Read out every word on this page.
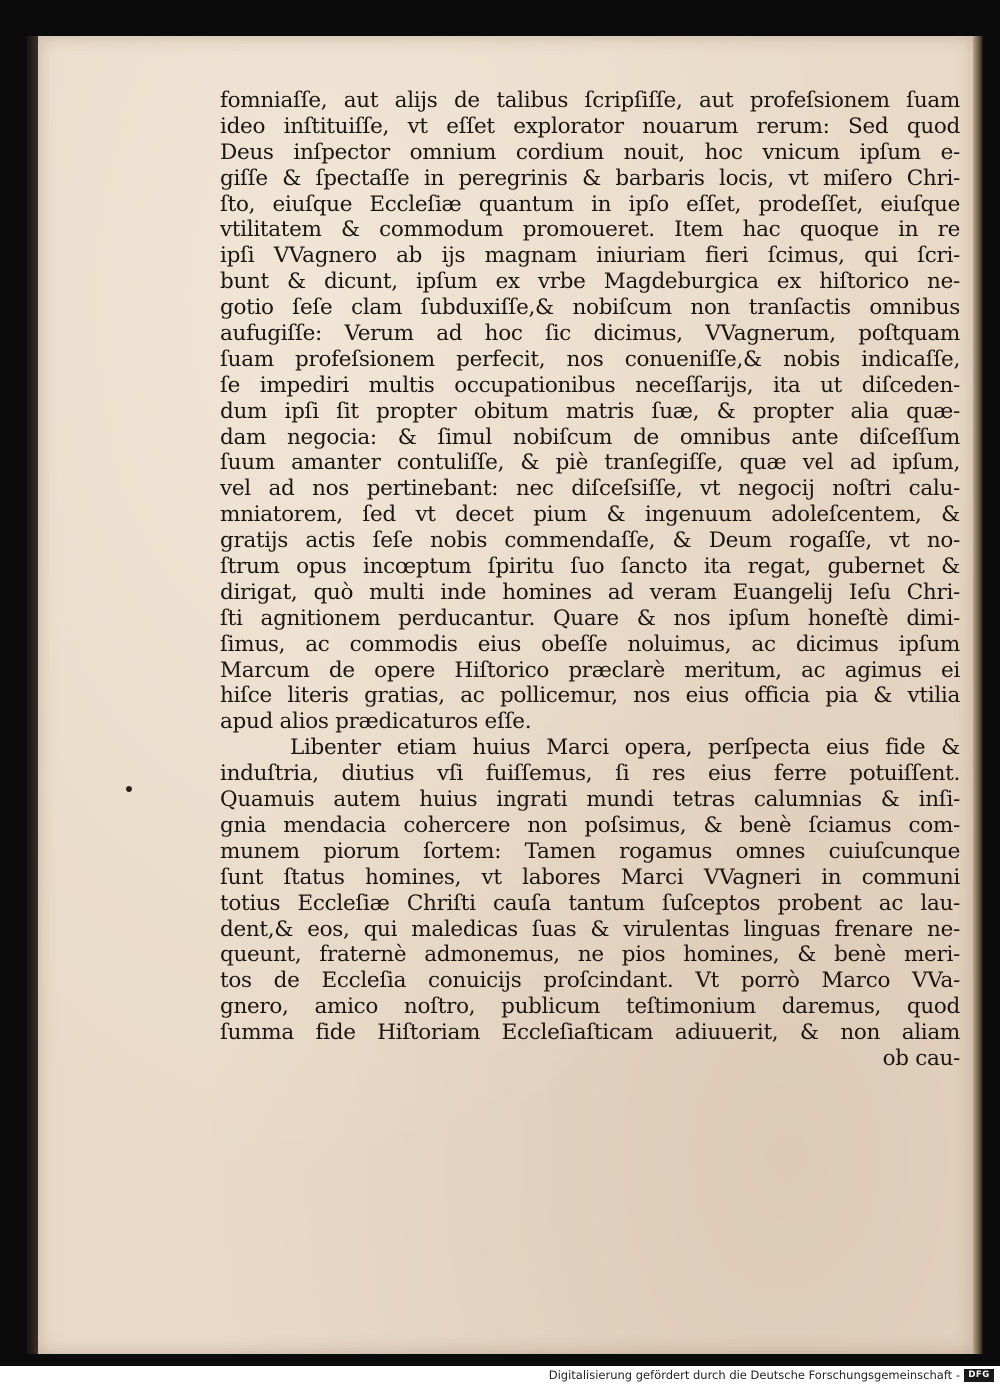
fomniaſſe, aut alijs de talibus ſcripſiſſe, aut profeſsionem ſuam
ideo inſtituiſſe, vt eſſet explorator nouarum rerum: Sed quod
Deus inſpector omnium cordium nouit, hoc vnicum ipſum e-
giſſe & ſpectaſſe in peregrinis & barbaris locis, vt miſero Chri-
ſto, eiuſque Eccleſiæ quantum in ipſo eſſet, prodeſſet, eiuſque
vtilitatem & commodum promoueret. Item hac quoque in re
ipſi VVagnero ab ijs magnam iniuriam fieri ſcimus, qui ſcri-
bunt & dicunt, ipſum ex vrbe Magdeburgica ex hiſtorico ne-
gotio ſeſe clam ſubduxiſſe,& nobiſcum non tranſactis omnibus
aufugiſſe: Verum ad hoc ſic dicimus, VVagnerum, poſtquam
ſuam profeſsionem perfecit, nos conueniſſe,& nobis indicaſſe,
ſe impediri multis occupationibus neceſſarijs, ita ut diſceden-
dum ipſi ſit propter obitum matris ſuæ, & propter alia quæ-
dam negocia: & ſimul nobiſcum de omnibus ante diſceſſum
ſuum amanter contuliſſe, & piè tranſegiſſe, quæ vel ad ipſum,
vel ad nos pertinebant: nec diſceſsiſſe, vt negocij noſtri calu-
mniatorem, ſed vt decet pium & ingenuum adoleſcentem, &
gratijs actis ſeſe nobis commendaſſe, & Deum rogaſſe, vt no-
ſtrum opus incœptum ſpiritu ſuo ſancto ita regat, gubernet &
dirigat, quò multi inde homines ad veram Euangelij Ieſu Chri-
ſti agnitionem perducantur. Quare & nos ipſum honeſtè dimi-
ſimus, ac commodis eius obeſſe noluimus, ac dicimus ipſum
Marcum de opere Hiſtorico præclarè meritum, ac agimus ei
hiſce literis gratias, ac pollicemur, nos eius officia pia & vtilia
apud alios prædicaturos eſſe.
Libenter etiam huius Marci opera, perſpecta eius fide &
induſtria, diutius vſi fuiſſemus, ſi res eius ferre potuiſſent.
Quamuis autem huius ingrati mundi tetras calumnias & inſi-
gnia mendacia cohercere non poſsimus, & benè ſciamus com-
munem piorum ſortem: Tamen rogamus omnes cuiuſcunque
ſunt ſtatus homines, vt labores Marci VVagneri in communi
totius Eccleſiæ Chriſti cauſa tantum ſuſceptos probent ac lau-
dent,& eos, qui maledicas ſuas & virulentas linguas frenare ne-
queunt, fraternè admonemus, ne pios homines, & benè meri-
tos de Eccleſia conuicijs proſcindant. Vt porrò Marco VVa-
gnero, amico noſtro, publicum teſtimonium daremus, quod
ſumma fide Hiſtoriam Eccleſiaſticam adiuuerit, & non aliam
ob cau-
Digitalisierung gefördert durch die Deutsche Forschungsgemeinschaft - DFG
